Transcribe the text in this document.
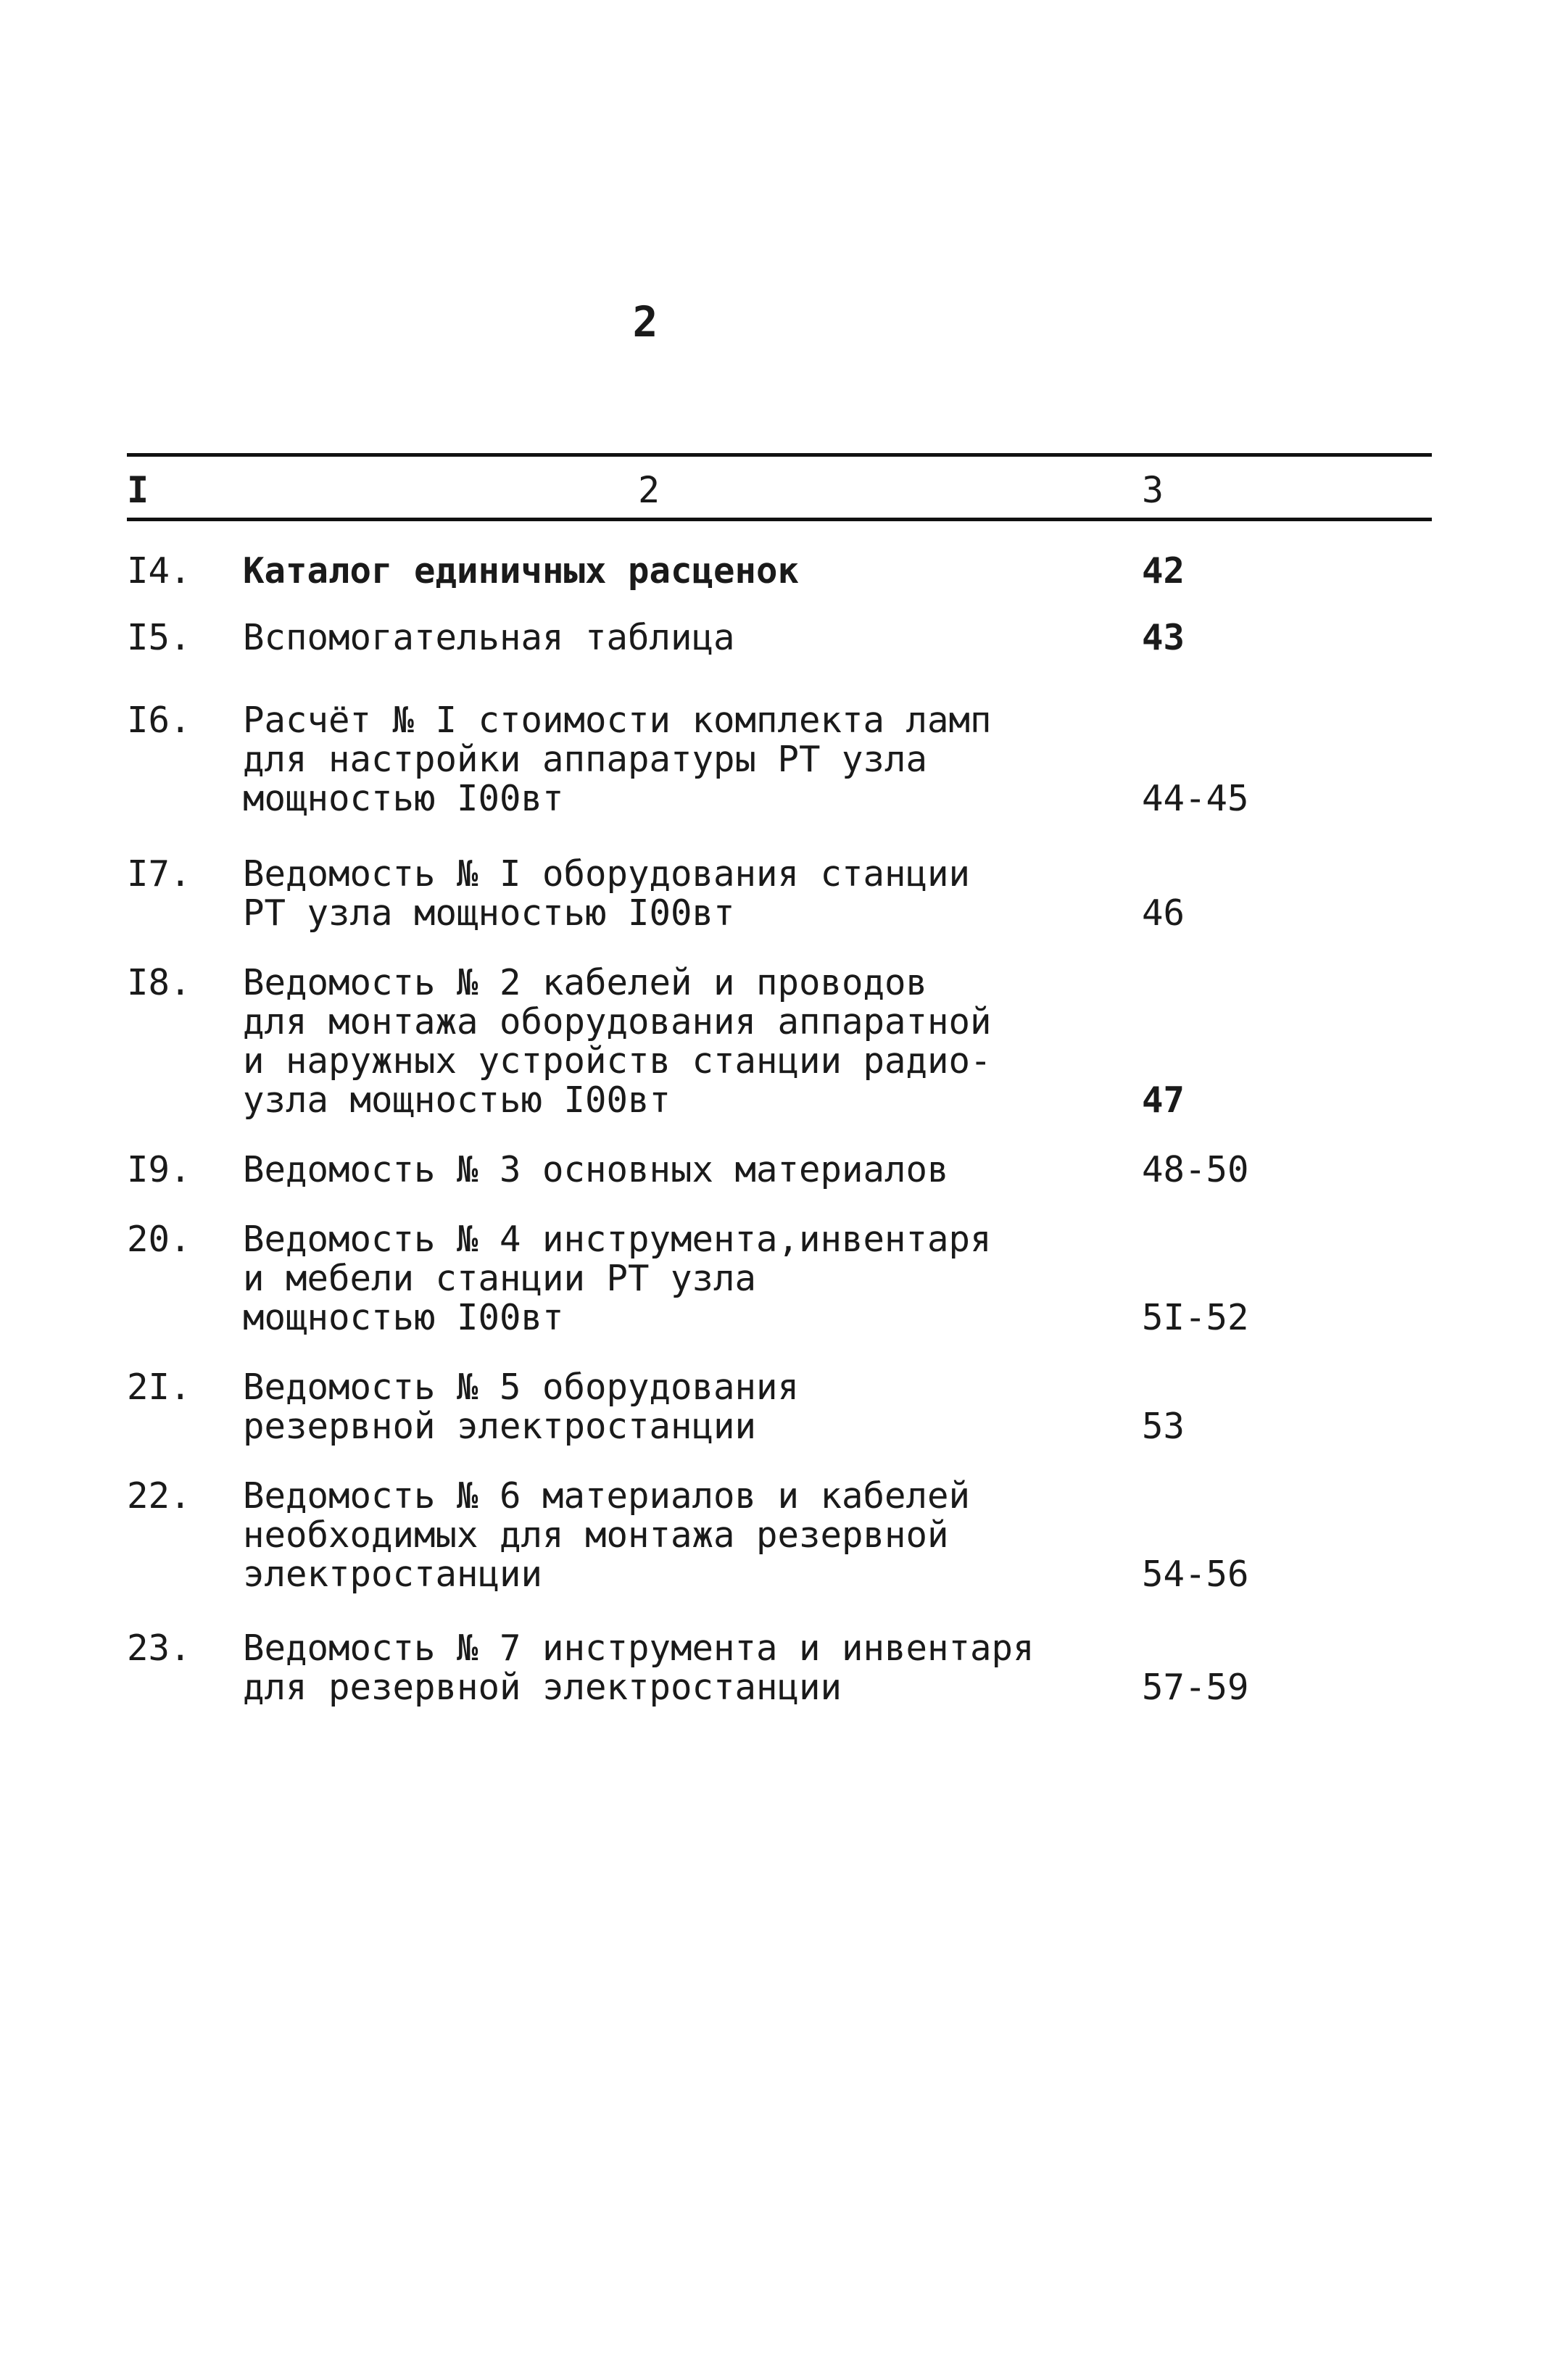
2
I	2	3
I4. Каталог единичных расценок	42
I5. Вспомогательная таблица	43
I6. Расчёт № I стоимости комплекта ламп
для настройки аппаратуры РТ узла
мощностью I00вт	44-45
I7. Ведомость № I оборудования станции
РТ узла мощностью I00вт	46
I8. Ведомость № 2 кабелей и проводов
для монтажа оборудования аппаратной
и наружных устройств станции радио-
узла мощностью I00вт	47
I9. Ведомость № 3 основных материалов	48-50
20. Ведомость № 4 инструмента,инвентаря
и мебели станции РТ узла
мощностью I00вт	5I-52
2I. Ведомость № 5 оборудования
резервной электростанции	53
22. Ведомость № 6 материалов и кабелей
необходимых для монтажа резервной
электростанции	54-56
23. Ведомость № 7 инструмента и инвентаря
для резервной электростанции	57-59
